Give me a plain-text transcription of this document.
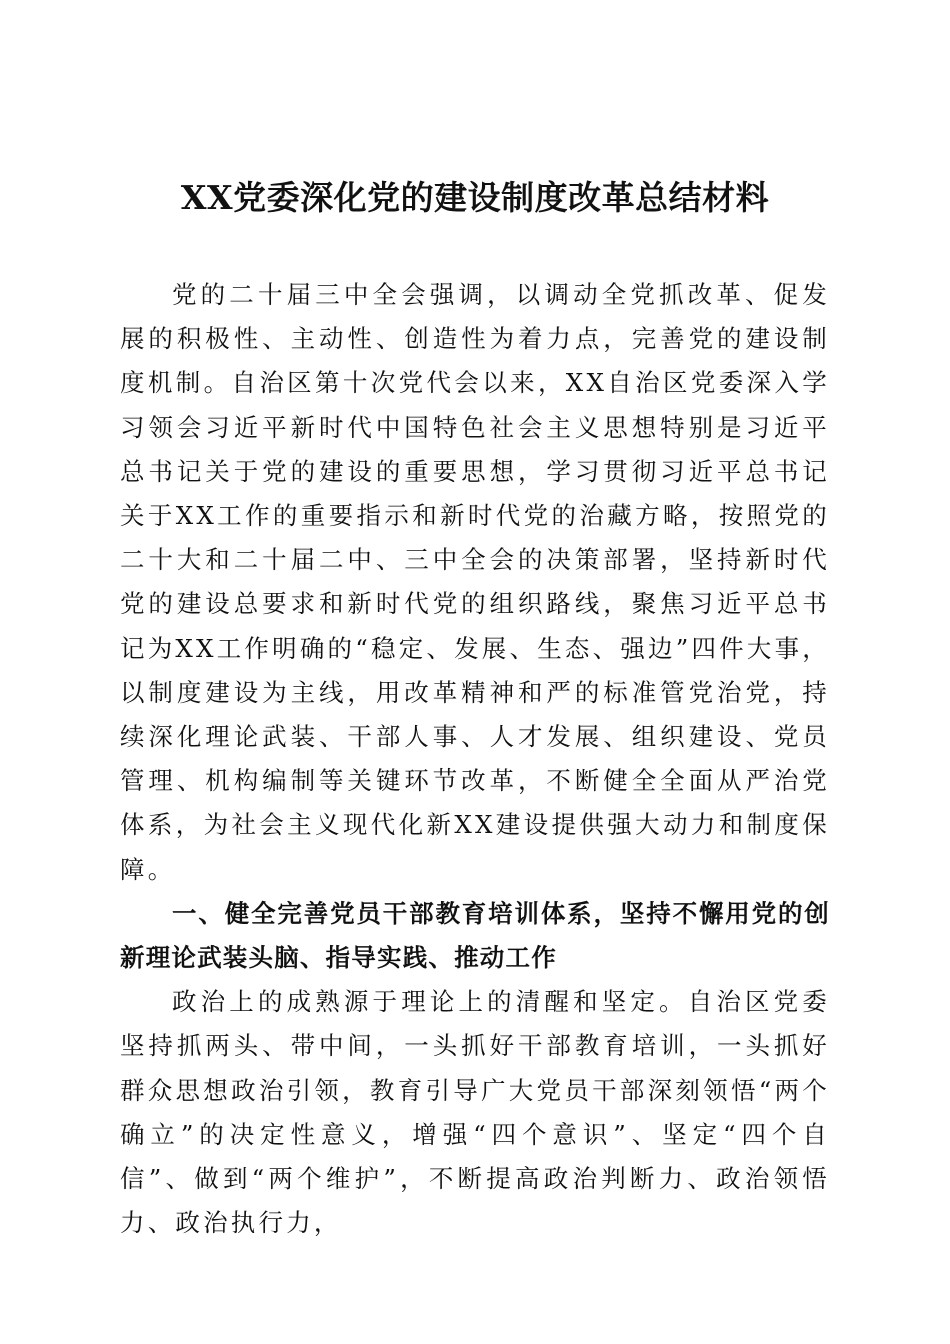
XX党委深化党的建设制度改革总结材料

党的二十届三中全会强调，以调动全党抓改革、促发展的积极性、主动性、创造性为着力点，完善党的建设制度机制。自治区第十次党代会以来，XX自治区党委深入学习领会习近平新时代中国特色社会主义思想特别是习近平总书记关于党的建设的重要思想，学习贯彻习近平总书记关于XX工作的重要指示和新时代党的治藏方略，按照党的二十大和二十届二中、三中全会的决策部署，坚持新时代党的建设总要求和新时代党的组织路线，聚焦习近平总书记为XX工作明确的“稳定、发展、生态、强边”四件大事，以制度建设为主线，用改革精神和严的标准管党治党，持续深化理论武装、干部人事、人才发展、组织建设、党员管理、机构编制等关键环节改革，不断健全全面从严治党体系，为社会主义现代化新XX建设提供强大动力和制度保障。

一、健全完善党员干部教育培训体系，坚持不懈用党的创新理论武装头脑、指导实践、推动工作

政治上的成熟源于理论上的清醒和坚定。自治区党委坚持抓两头、带中间，一头抓好干部教育培训，一头抓好群众思想政治引领，教育引导广大党员干部深刻领悟“两个确立”的决定性意义，增强“四个意识”、坚定“四个自信”、做到“两个维护”，不断提高政治判断力、政治领悟力、政治执行力，
